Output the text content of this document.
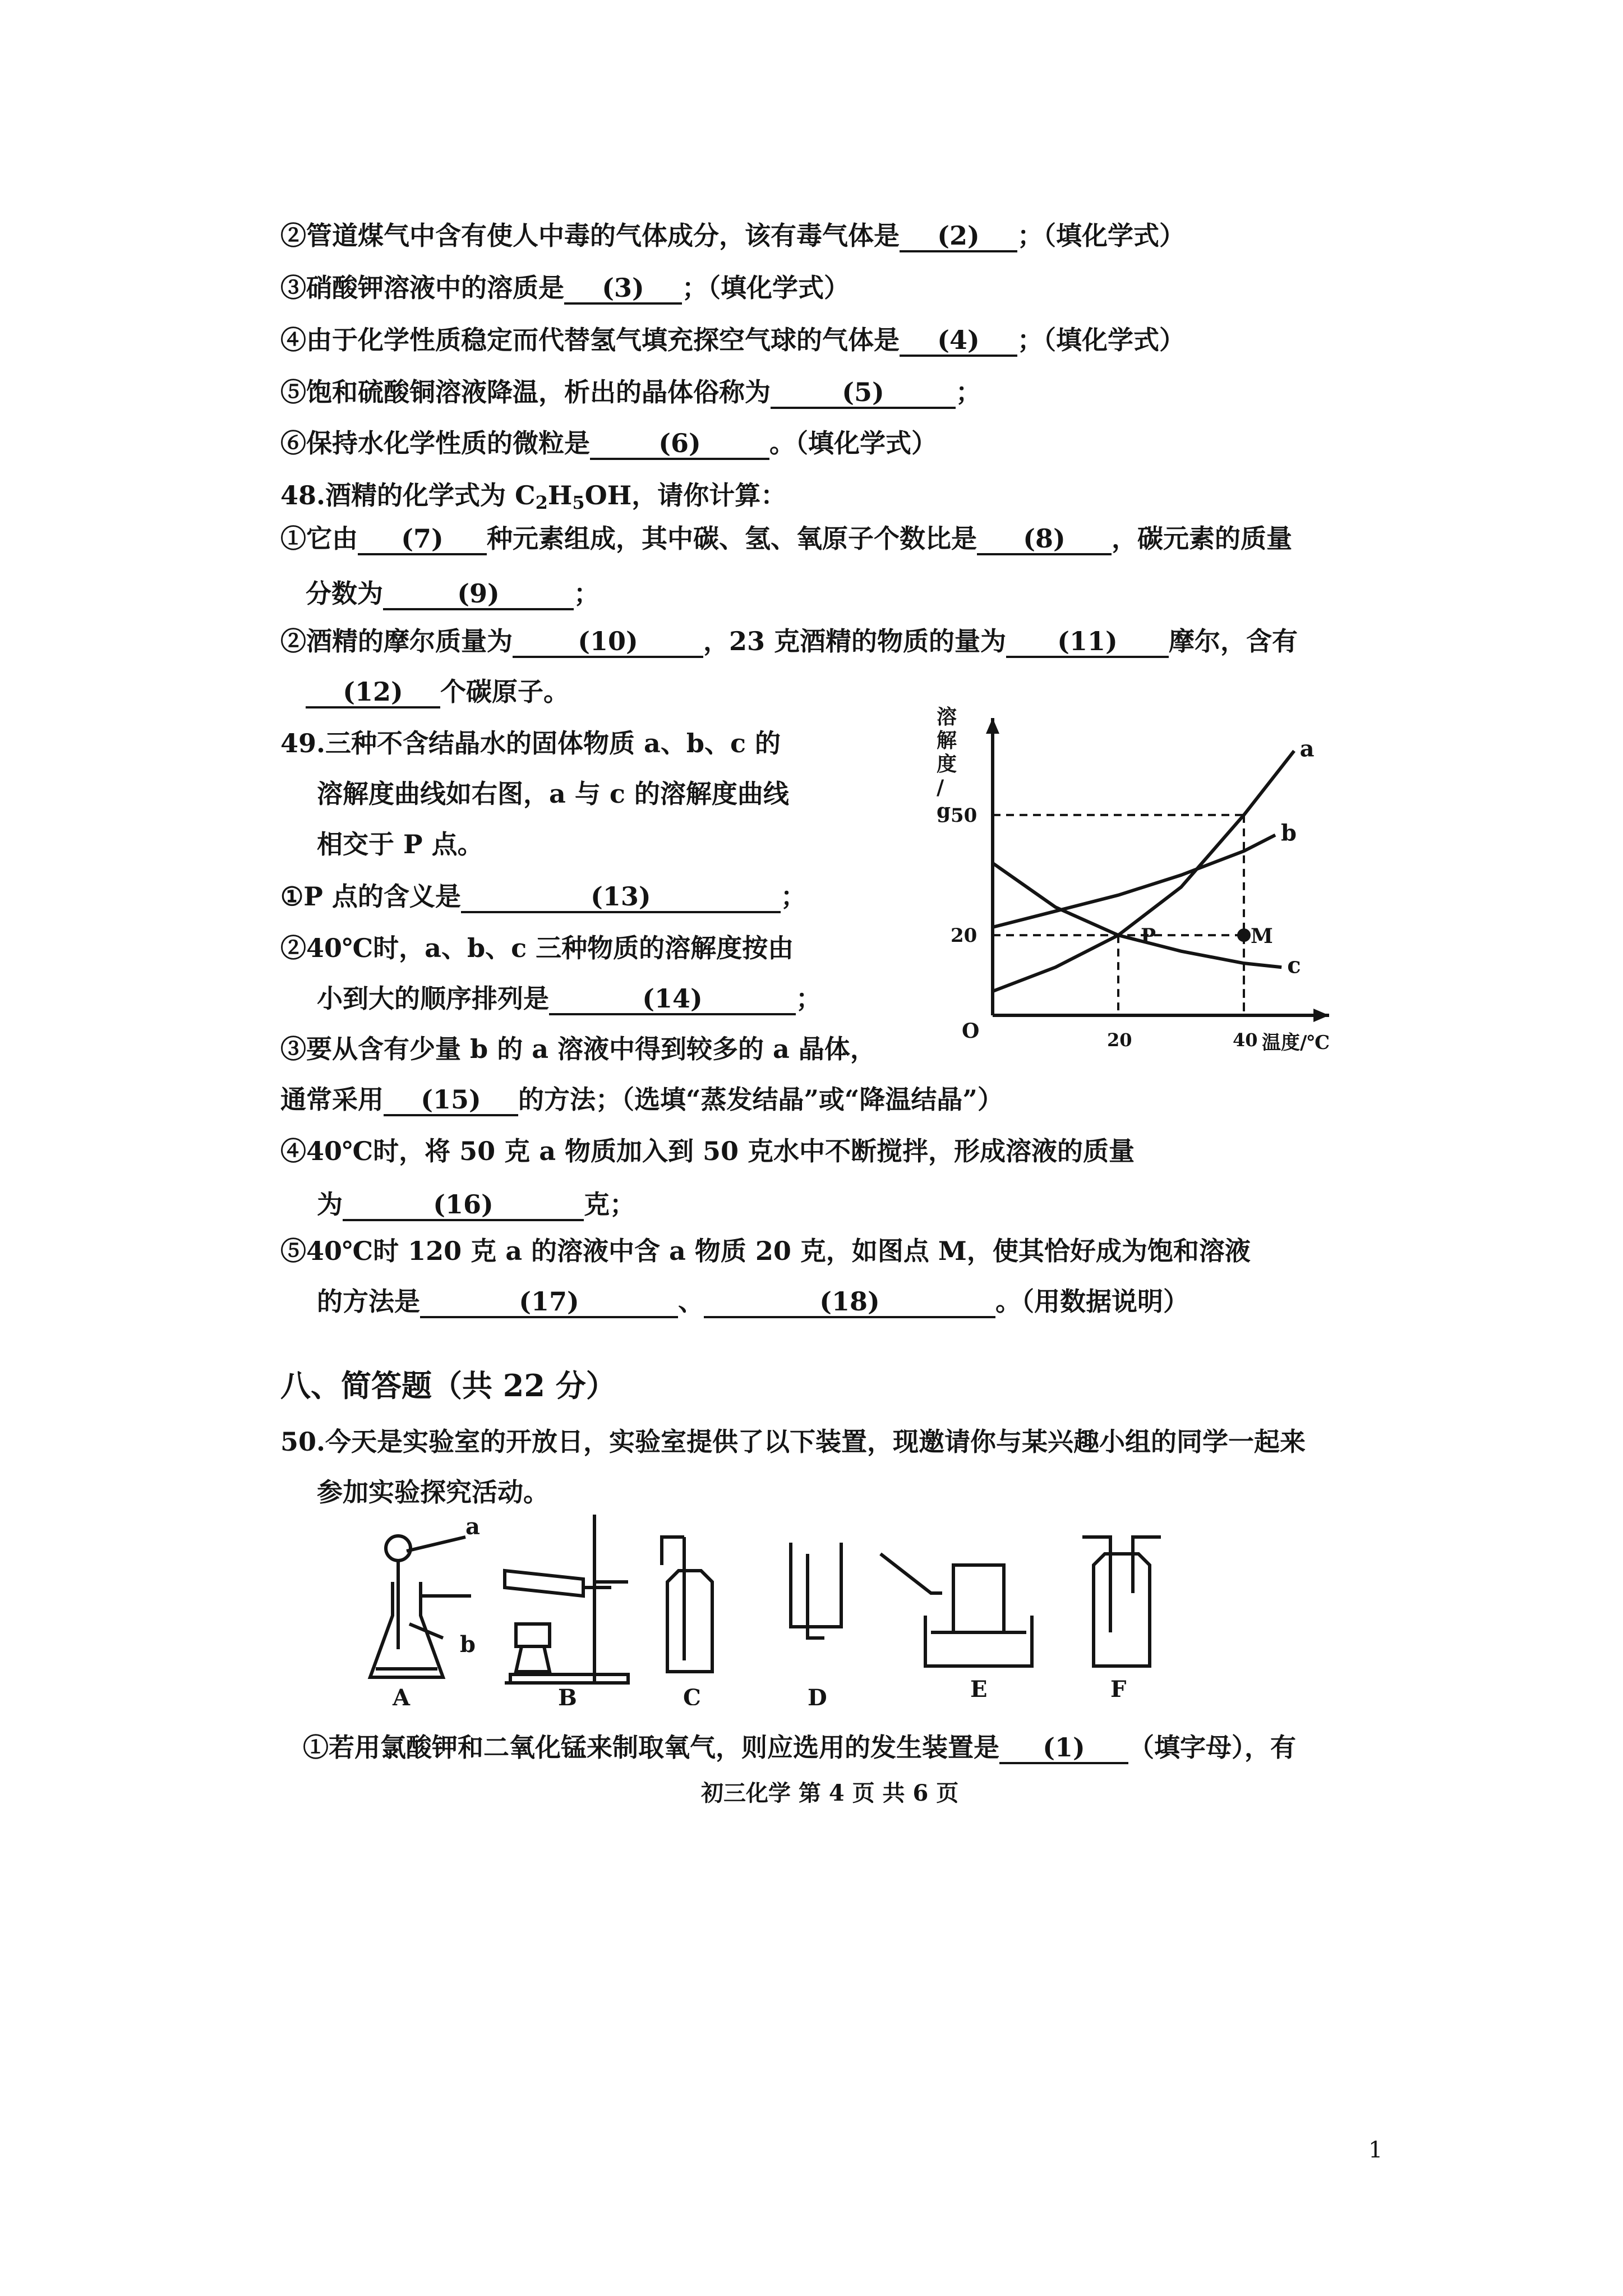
②管道煤气中含有使人中毒的气体成分，该有毒气体是 (2) ；（填化学式）
③硝酸钾溶液中的溶质是 (3) ；（填化学式）
④由于化学性质稳定而代替氢气填充探空气球的气体是 (4) ；（填化学式）
⑤饱和硫酸铜溶液降温，析出的晶体俗称为	(5)	；
⑥保持水化学性质的微粒是	(6)	。（填化学式）
48.酒精的化学式为 $C_2H_5OH$，请你计算：
①它由 (7) 种元素组成，其中碳、氢、氧原子个数比是 (8) ，碳元素的质量
分数为	(9)	；
②酒精的摩尔质量为	(10)	，23 克酒精的物质的量为 (11) 摩尔，含有
(12) 个碳原子。
49.三种不含结晶水的固体物质 a、b、c 的
溶解度曲线如右图，a 与 c 的溶解度曲线
相交于 P 点。
①P 点的含义是	(13)	；
②40℃时，a、b、c 三种物质的溶解度按由
小到大的顺序排列是	(14)	；
③要从含有少量 b 的 a 溶液中得到较多的 a 晶体，
通常采用 (15) 的方法；（选填“蒸发结晶”或“降温结晶”）
④40℃时，将 50 克 a 物质加入到 50 克水中不断搅拌，形成溶液的质量
为	(16)	克；
⑤40℃时 120 克 a 的溶液中含 a 物质 20 克，如图点 M，使其恰好成为饱和溶液
的方法是	(17)	、	(18)	。（用数据说明）
a
b
c
P	M
20	40
20
50
O	温度/℃
溶
解
度
/
g
八、简答题（共 22 分）
50.今天是实验室的开放日，实验室提供了以下装置，现邀请你与某兴趣小组的同学一起来
参加实验探究活动。
a
b
A	B	C	D	E	F
①若用氯酸钾和二氧化锰来制取氧气，则应选用的发生装置是 (1) （填字母），有
初三化学 第 4 页 共 6 页
1
